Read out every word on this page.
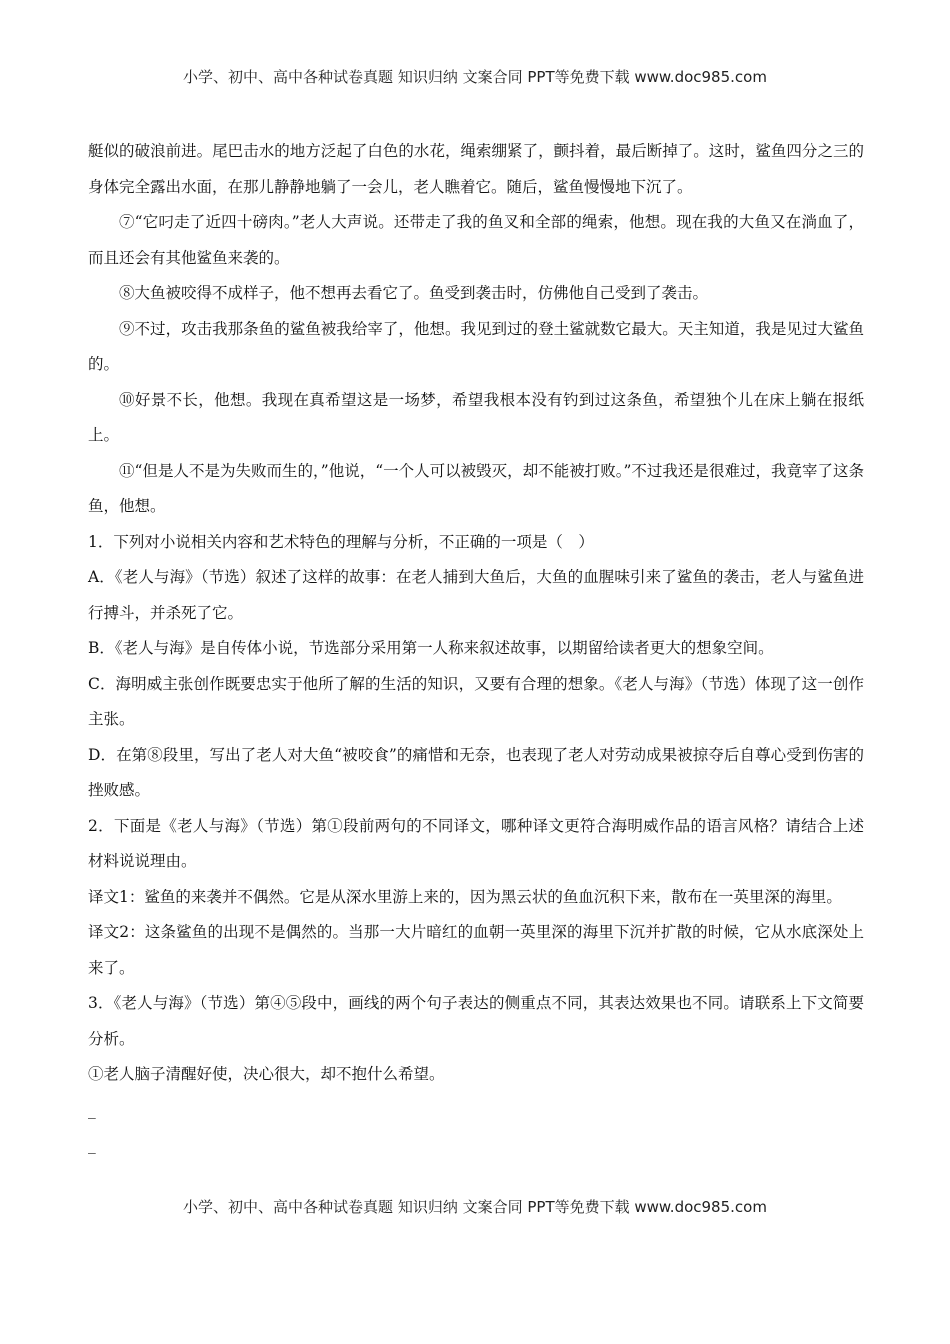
小学、初中、高中各种试卷真题 知识归纳 文案合同 PPT等免费下载 www.doc985.com

艇似的破浪前进。尾巴击水的地方泛起了白色的水花，绳索绷紧了，颤抖着，最后断掉了。这时，鲨鱼四分之三的身体完全露出水面，在那儿静静地躺了一会儿，老人瞧着它。随后，鲨鱼慢慢地下沉了。

⑦“它叼走了近四十磅肉。”老人大声说。还带走了我的鱼叉和全部的绳索，他想。现在我的大鱼又在淌血了，而且还会有其他鲨鱼来袭的。

⑧大鱼被咬得不成样子，他不想再去看它了。鱼受到袭击时，仿佛他自己受到了袭击。

⑨不过，攻击我那条鱼的鲨鱼被我给宰了，他想。我见到过的登土鲨就数它最大。天主知道，我是见过大鲨鱼的。

⑩好景不长，他想。我现在真希望这是一场梦，希望我根本没有钓到过这条鱼，希望独个儿在床上躺在报纸上。

⑪“但是人不是为失败而生的，”他说，“一个人可以被毁灭，却不能被打败。”不过我还是很难过，我竟宰了这条鱼，他想。

1．下列对小说相关内容和艺术特色的理解与分析，不正确的一项是（　）

A．《老人与海》（节选）叙述了这样的故事：在老人捕到大鱼后，大鱼的血腥味引来了鲨鱼的袭击，老人与鲨鱼进行搏斗，并杀死了它。

B．《老人与海》是自传体小说，节选部分采用第一人称来叙述故事，以期留给读者更大的想象空间。

C．海明威主张创作既要忠实于他所了解的生活的知识，又要有合理的想象。《老人与海》（节选）体现了这一创作主张。

D．在第⑧段里，写出了老人对大鱼“被咬食”的痛惜和无奈，也表现了老人对劳动成果被掠夺后自尊心受到伤害的挫败感。

2．下面是《老人与海》（节选）第①段前两句的不同译文，哪种译文更符合海明威作品的语言风格？请结合上述材料说说理由。

译文1：鲨鱼的来袭并不偶然。它是从深水里游上来的，因为黑云状的鱼血沉积下来，散布在一英里深的海里。

译文2：这条鲨鱼的出现不是偶然的。当那一大片暗红的血朝一英里深的海里下沉并扩散的时候，它从水底深处上来了。

3．《老人与海》（节选）第④⑤段中，画线的两个句子表达的侧重点不同，其表达效果也不同。请联系上下文简要分析。

①老人脑子清醒好使，决心很大，却不抱什么希望。

_
_
小学、初中、高中各种试卷真题 知识归纳 文案合同 PPT等免费下载 www.doc985.com
